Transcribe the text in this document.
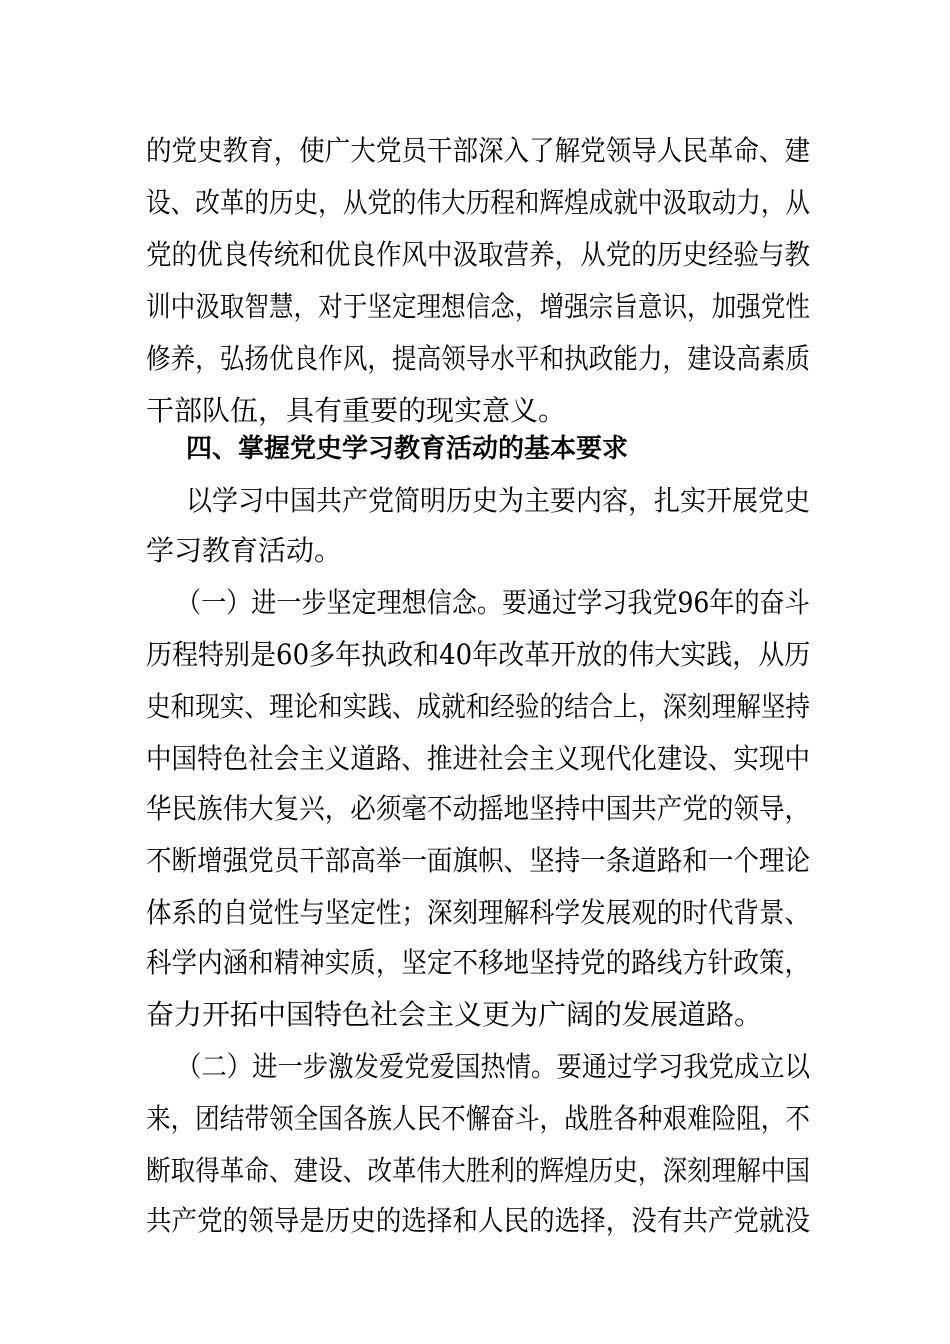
的党史教育，使广大党员干部深入了解党领导人民革命、建
设、改革的历史，从党的伟大历程和辉煌成就中汲取动力，从
党的优良传统和优良作风中汲取营养，从党的历史经验与教
训中汲取智慧，对于坚定理想信念，增强宗旨意识，加强党性
修养，弘扬优良作风，提高领导水平和执政能力，建设高素质
干部队伍，具有重要的现实意义。
四、掌握党史学习教育活动的基本要求
以学习中国共产党简明历史为主要内容，扎实开展党史
学习教育活动。
（一）进一步坚定理想信念。要通过学习我党96年的奋斗
历程特别是60多年执政和40年改革开放的伟大实践，从历
史和现实、理论和实践、成就和经验的结合上，深刻理解坚持
中国特色社会主义道路、推进社会主义现代化建设、实现中
华民族伟大复兴，必须毫不动摇地坚持中国共产党的领导，
不断增强党员干部高举一面旗帜、坚持一条道路和一个理论
体系的自觉性与坚定性；深刻理解科学发展观的时代背景、
科学内涵和精神实质，坚定不移地坚持党的路线方针政策，
奋力开拓中国特色社会主义更为广阔的发展道路。
（二）进一步激发爱党爱国热情。要通过学习我党成立以
来，团结带领全国各族人民不懈奋斗，战胜各种艰难险阻，不
断取得革命、建设、改革伟大胜利的辉煌历史，深刻理解中国
共产党的领导是历史的选择和人民的选择，没有共产党就没
